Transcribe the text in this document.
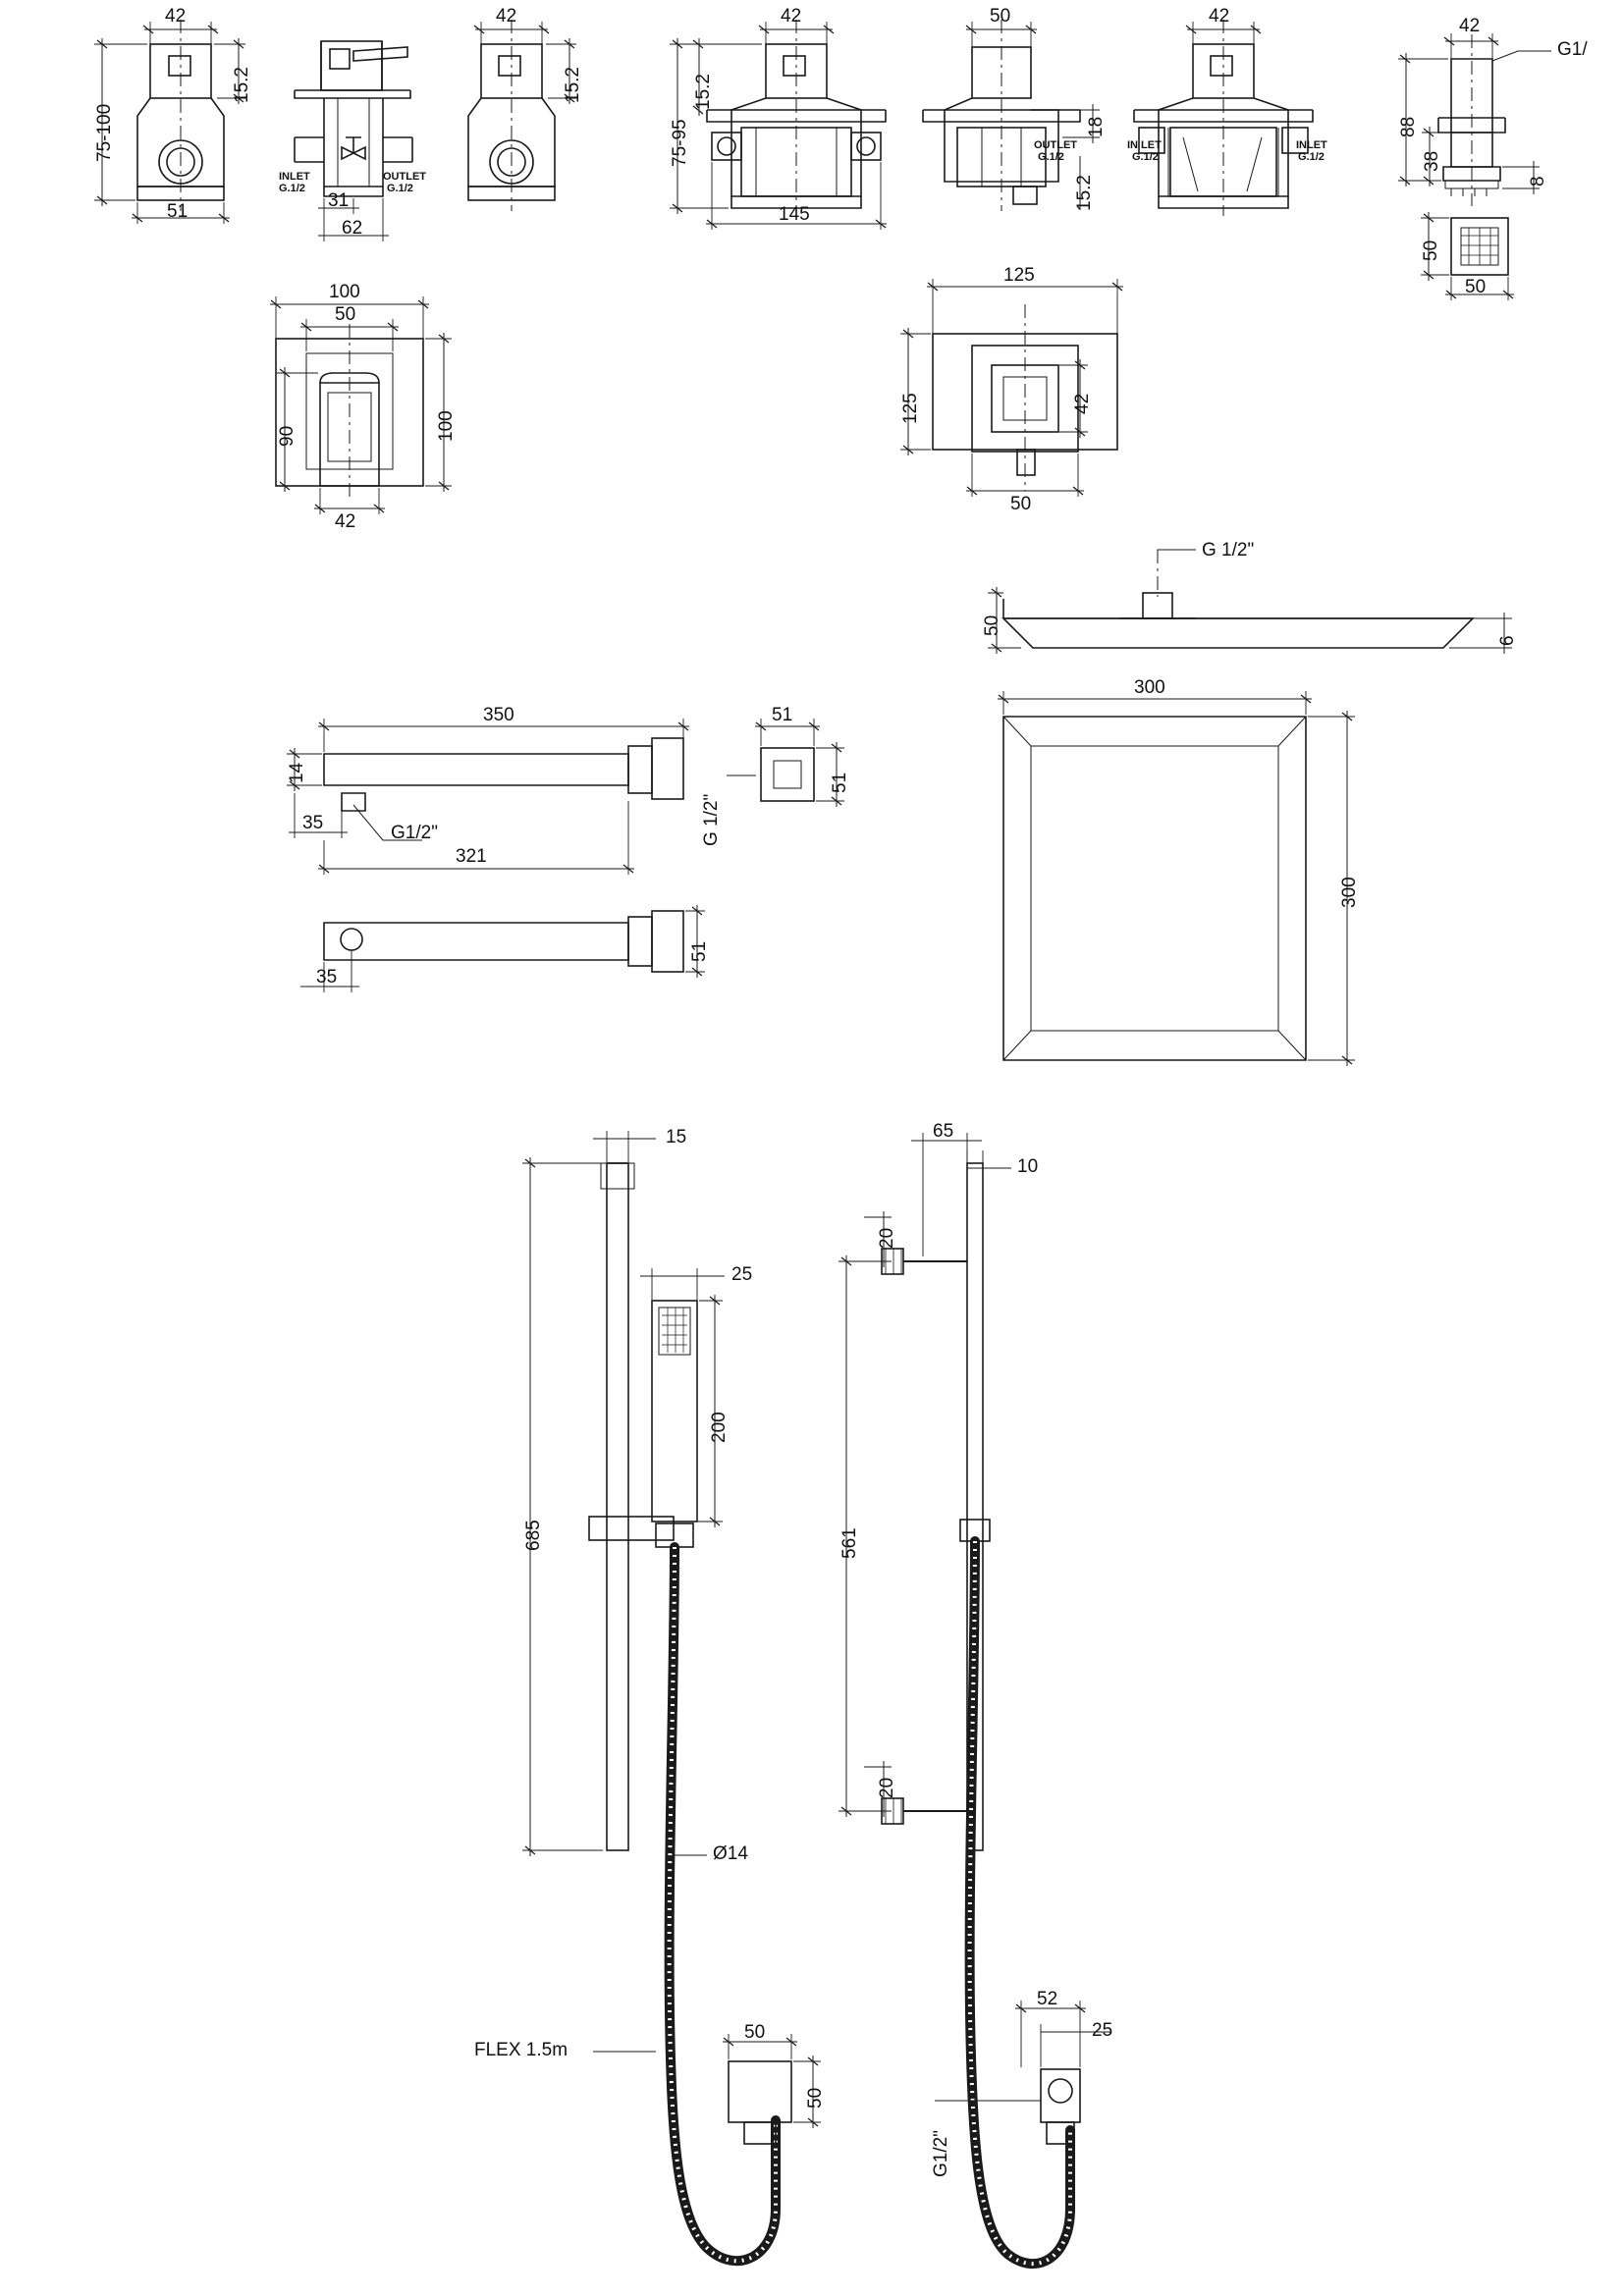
42
75-100
15.2
51
31
62
INLET
G.1/2
OUTLET
G.1/2
42
15.2
42
75-95
15.2
145
50
18
15.2
OUTLET
G.1/2
42
IN LET
G.1/2
INLET
G.1/2
42
G1/
88
38
8
50
50
100
50
90	100
42
125
125	42
50
G 1/2"
50
6
350
14
35	G1/2"
321
51
51
G 1/2"
51
35
300
300
15
25
200
685
Ø14
FLEX 1.5m
50
50
65
10
20
561
20
52
25
G1/2"
